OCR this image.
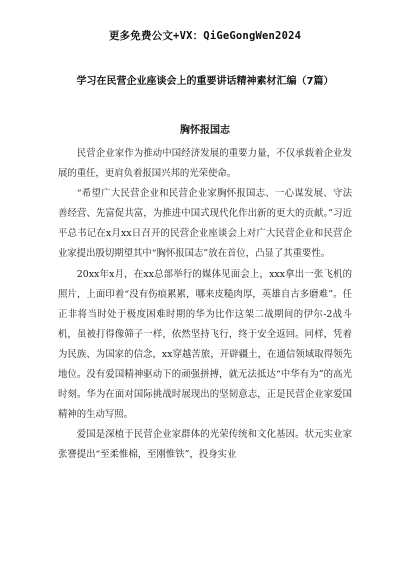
更多免费公文+VX：QiGeGongWen2024
学习在民营企业座谈会上的重要讲话精神素材汇编（7篇）
胸怀报国志

民营企业家作为推动中国经济发展的重要力量，不仅承载着企业发展的重任，更肩负着报国兴邦的光荣使命。

“希望广大民营企业和民营企业家胸怀报国志、一心谋发展、守法善经营、先富促共富，为推进中国式现代化作出新的更大的贡献。”习近平总书记在x月xx日召开的民营企业座谈会上对广大民营企业和民营企业家提出殷切期望其中“胸怀报国志”放在首位，凸显了其重要性。

20xx年x月，在xx总部举行的媒体见面会上，xxx拿出一张飞机的照片，上面印着“没有伤痕累累，哪来皮糙肉厚，英雄自古多磨难”。任正非将当时处于极度困难时期的华为比作这架二战期间的伊尔-2战斗机，虽被打得像筛子一样，依然坚持飞行，终于安全返回。同样，凭着为民族、为国家的信念，xx穿越苦旅，开辟疆土，在通信领域取得领先地位。没有爱国精神驱动下的顽强拼搏，就无法抵达“中华有为”的高光时刻。华为在面对国际挑战时展现出的坚韧意志，正是民营企业家爱国精神的生动写照。

爱国是深植于民营企业家群体的光荣传统和文化基因。状元实业家张謇提出“至柔惟棉，至刚惟铁”，投身实业
